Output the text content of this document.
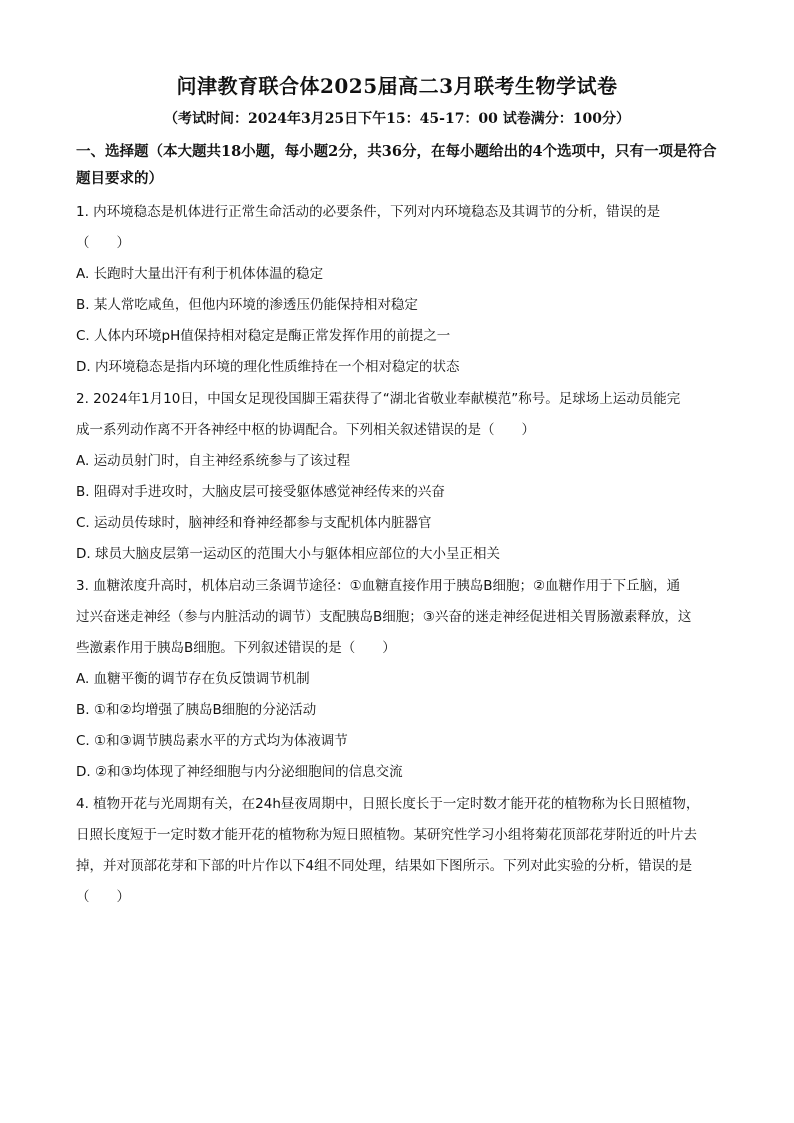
问津教育联合体2025届高二3月联考生物学试卷
（考试时间：2024年3月25日下午15：45-17：00 试卷满分：100分）
一、选择题（本大题共18小题，每小题2分，共36分，在每小题给出的4个选项中，只有一项是符合题目要求的）
1. 内环境稳态是机体进行正常生命活动的必要条件，下列对内环境稳态及其调节的分析，错误的是
（　　）
A. 长跑时大量出汗有利于机体体温的稳定
B. 某人常吃咸鱼，但他内环境的渗透压仍能保持相对稳定
C. 人体内环境pH值保持相对稳定是酶正常发挥作用的前提之一
D. 内环境稳态是指内环境的理化性质维持在一个相对稳定的状态
2. 2024年1月10日，中国女足现役国脚王霜获得了“湖北省敬业奉献模范”称号。足球场上运动员能完
成一系列动作离不开各神经中枢的协调配合。下列相关叙述错误的是（　　）
A. 运动员射门时，自主神经系统参与了该过程
B. 阻碍对手进攻时，大脑皮层可接受躯体感觉神经传来的兴奋
C. 运动员传球时，脑神经和脊神经都参与支配机体内脏器官
D. 球员大脑皮层第一运动区的范围大小与躯体相应部位的大小呈正相关
3. 血糖浓度升高时，机体启动三条调节途径：①血糖直接作用于胰岛B细胞；②血糖作用于下丘脑，通
过兴奋迷走神经（参与内脏活动的调节）支配胰岛B细胞；③兴奋的迷走神经促进相关胃肠激素释放，这
些激素作用于胰岛B细胞。下列叙述错误的是（　　）
A. 血糖平衡的调节存在负反馈调节机制
B. ①和②均增强了胰岛B细胞的分泌活动
C. ①和③调节胰岛素水平的方式均为体液调节
D. ②和③均体现了神经细胞与内分泌细胞间的信息交流
4. 植物开花与光周期有关，在24h昼夜周期中，日照长度长于一定时数才能开花的植物称为长日照植物，
日照长度短于一定时数才能开花的植物称为短日照植物。某研究性学习小组将菊花顶部花芽附近的叶片去
掉，并对顶部花芽和下部的叶片作以下4组不同处理，结果如下图所示。下列对此实验的分析，错误的是
（　　）
